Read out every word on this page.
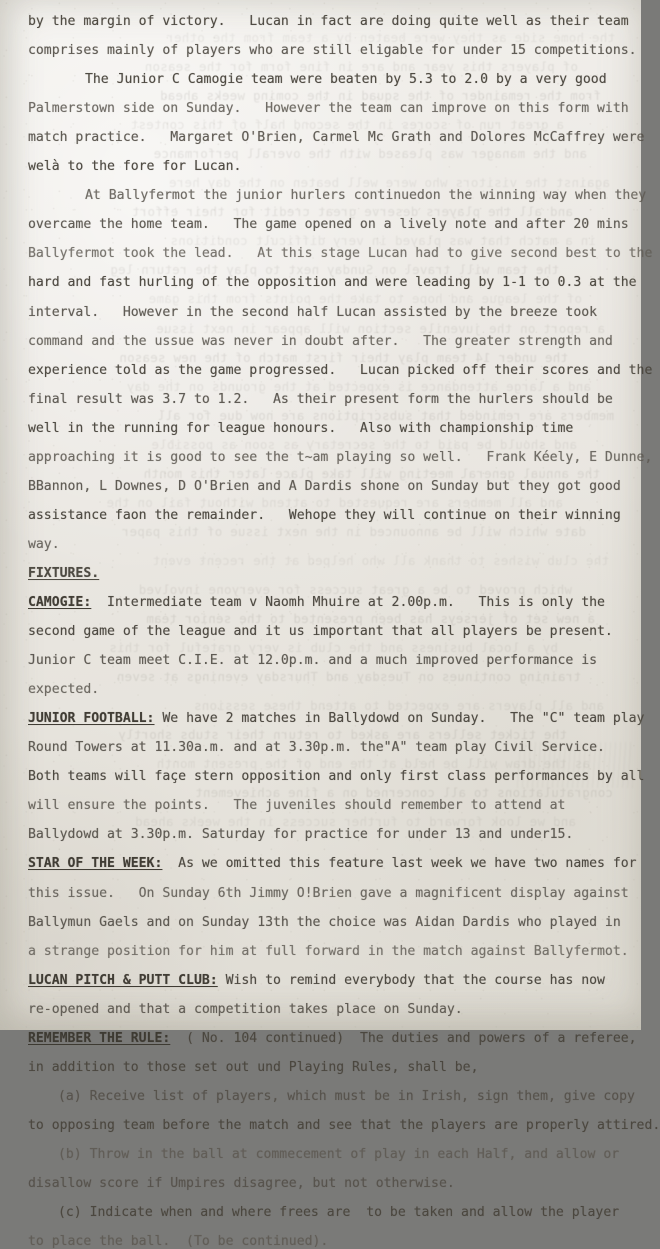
the home side as they were beaten by a team from the other
of players this year and are in fine form for the season
from the remainder of the squad in the coming weeks ahead
a great run of scores in the second half of this contest
and the manager was pleased with the overall performance
against the visitors who were well beaten on the day here
and all the players deserve great credit for their effort
in a match that was played in very difficult conditions
the team will travel on Sunday next to play the return leg
of the league and hope to take the points from this game
a report on the juvenile section will appear in next issue
the under 14 team play their first match of the new season
and a large attendance is expected at the grounds on the day
members are reminded that subscriptions are now due for all
and should be paid to the secretary as soon as possible
the annual general meeting will take place later this month
and all members are requested to attend without fail on the
date which will be announced in the next issue of this paper
the club wishes to thank all who helped at the recent event
which proved to be a great success for everyone involved
a new set of jerseys has been presented to the senior team
by a local business and the club is very grateful for this
training continues on Tuesday and Thursday evenings at seven
and all players are expected to attend these sessions
the ticket sellers are asked to return their stubs shortly
as the draw will be held at the end of the present month
congratulations to all concerned on a fine achievement
and we look forward to further success in the weeks ahead
by the margin of victory.   Lucan in fact are doing quite well as their team
comprises mainly of players who are still eligable for under 15 competitions.
The Junior C Camogie team were beaten by 5.3 to 2.0 by a very good
Palmerstown side on Sunday.   However the team can improve on this form with
match practice.   Margaret O'Brien, Carmel Mc Grath and Dolores McCaffrey were
welà to the fore for Lucan.
At Ballyfermot the junior hurlers continuedon the winning way when they
overcame the home team.   The game opened on a lively note and after 20 mins
Ballyfermot took the lead.   At this stage Lucan had to give second best to the
hard and fast hurling of the opposition and were leading by 1-1 to 0.3 at the
interval.   However in the second half Lucan assisted by the breeze took
command and the ussue was never in doubt after.   The greater strength and
experience told as the game progressed.   Lucan picked off their scores and the
final result was 3.7 to 1.2.   As their present form the hurlers should be
well in the running for league honours.   Also with championship time
approaching it is good to see the t~am playing so well.   Frank Kéely, E Dunne,
BBannon, L Downes, D O'Brien and A Dardis shone on Sunday but they got good
assistance faon the remainder.   Wehope they will continue on their winning
way.
FIXTURES.
CAMOGIE:  Intermediate team v Naomh Mhuire at 2.00p.m.   This is only the
second game of the league and it us important that all players be present.
Junior C team meet C.I.E. at 12.0p.m. and a much improved performance is
expected.
JUNIOR FOOTBALL: We have 2 matches in Ballydowd on Sunday.   The "C" team play
Round Towers at 11.30a.m. and at 3.30p.m. the"A" team play Civil Service.
Both teams will façe stern opposition and only first class performances by all
will ensure the points.   The juveniles should remember to attend at
Ballydowd at 3.30p.m. Saturday for practice for under 13 and under15.
STAR OF THE WEEK:  As we omitted this feature last week we have two names for
this issue.   On Sunday 6th Jimmy O!Brien gave a magnificent display against
Ballymun Gaels and on Sunday 13th the choice was Aidan Dardis who played in
a strange position for him at full forward in the match against Ballyfermot.
LUCAN PITCH & PUTT CLUB: Wish to remind everybody that the course has now
re-opened and that a competition takes place on Sunday.
REMEMBER THE RULE:  ( No. 104 continued)  The duties and powers of a referee,
in addition to those set out und Playing Rules, shall be,
(a) Receive list of players, which must be in Irish, sign them, give copy
to opposing team before the match and see that the players are properly attired.
(b) Throw in the ball at commecement of play in each Half, and allow or
disallow score if Umpires disagree, but not otherwise.
(c) Indicate when and where frees are  to be taken and allow the player
to place the ball.  (To be continued).
